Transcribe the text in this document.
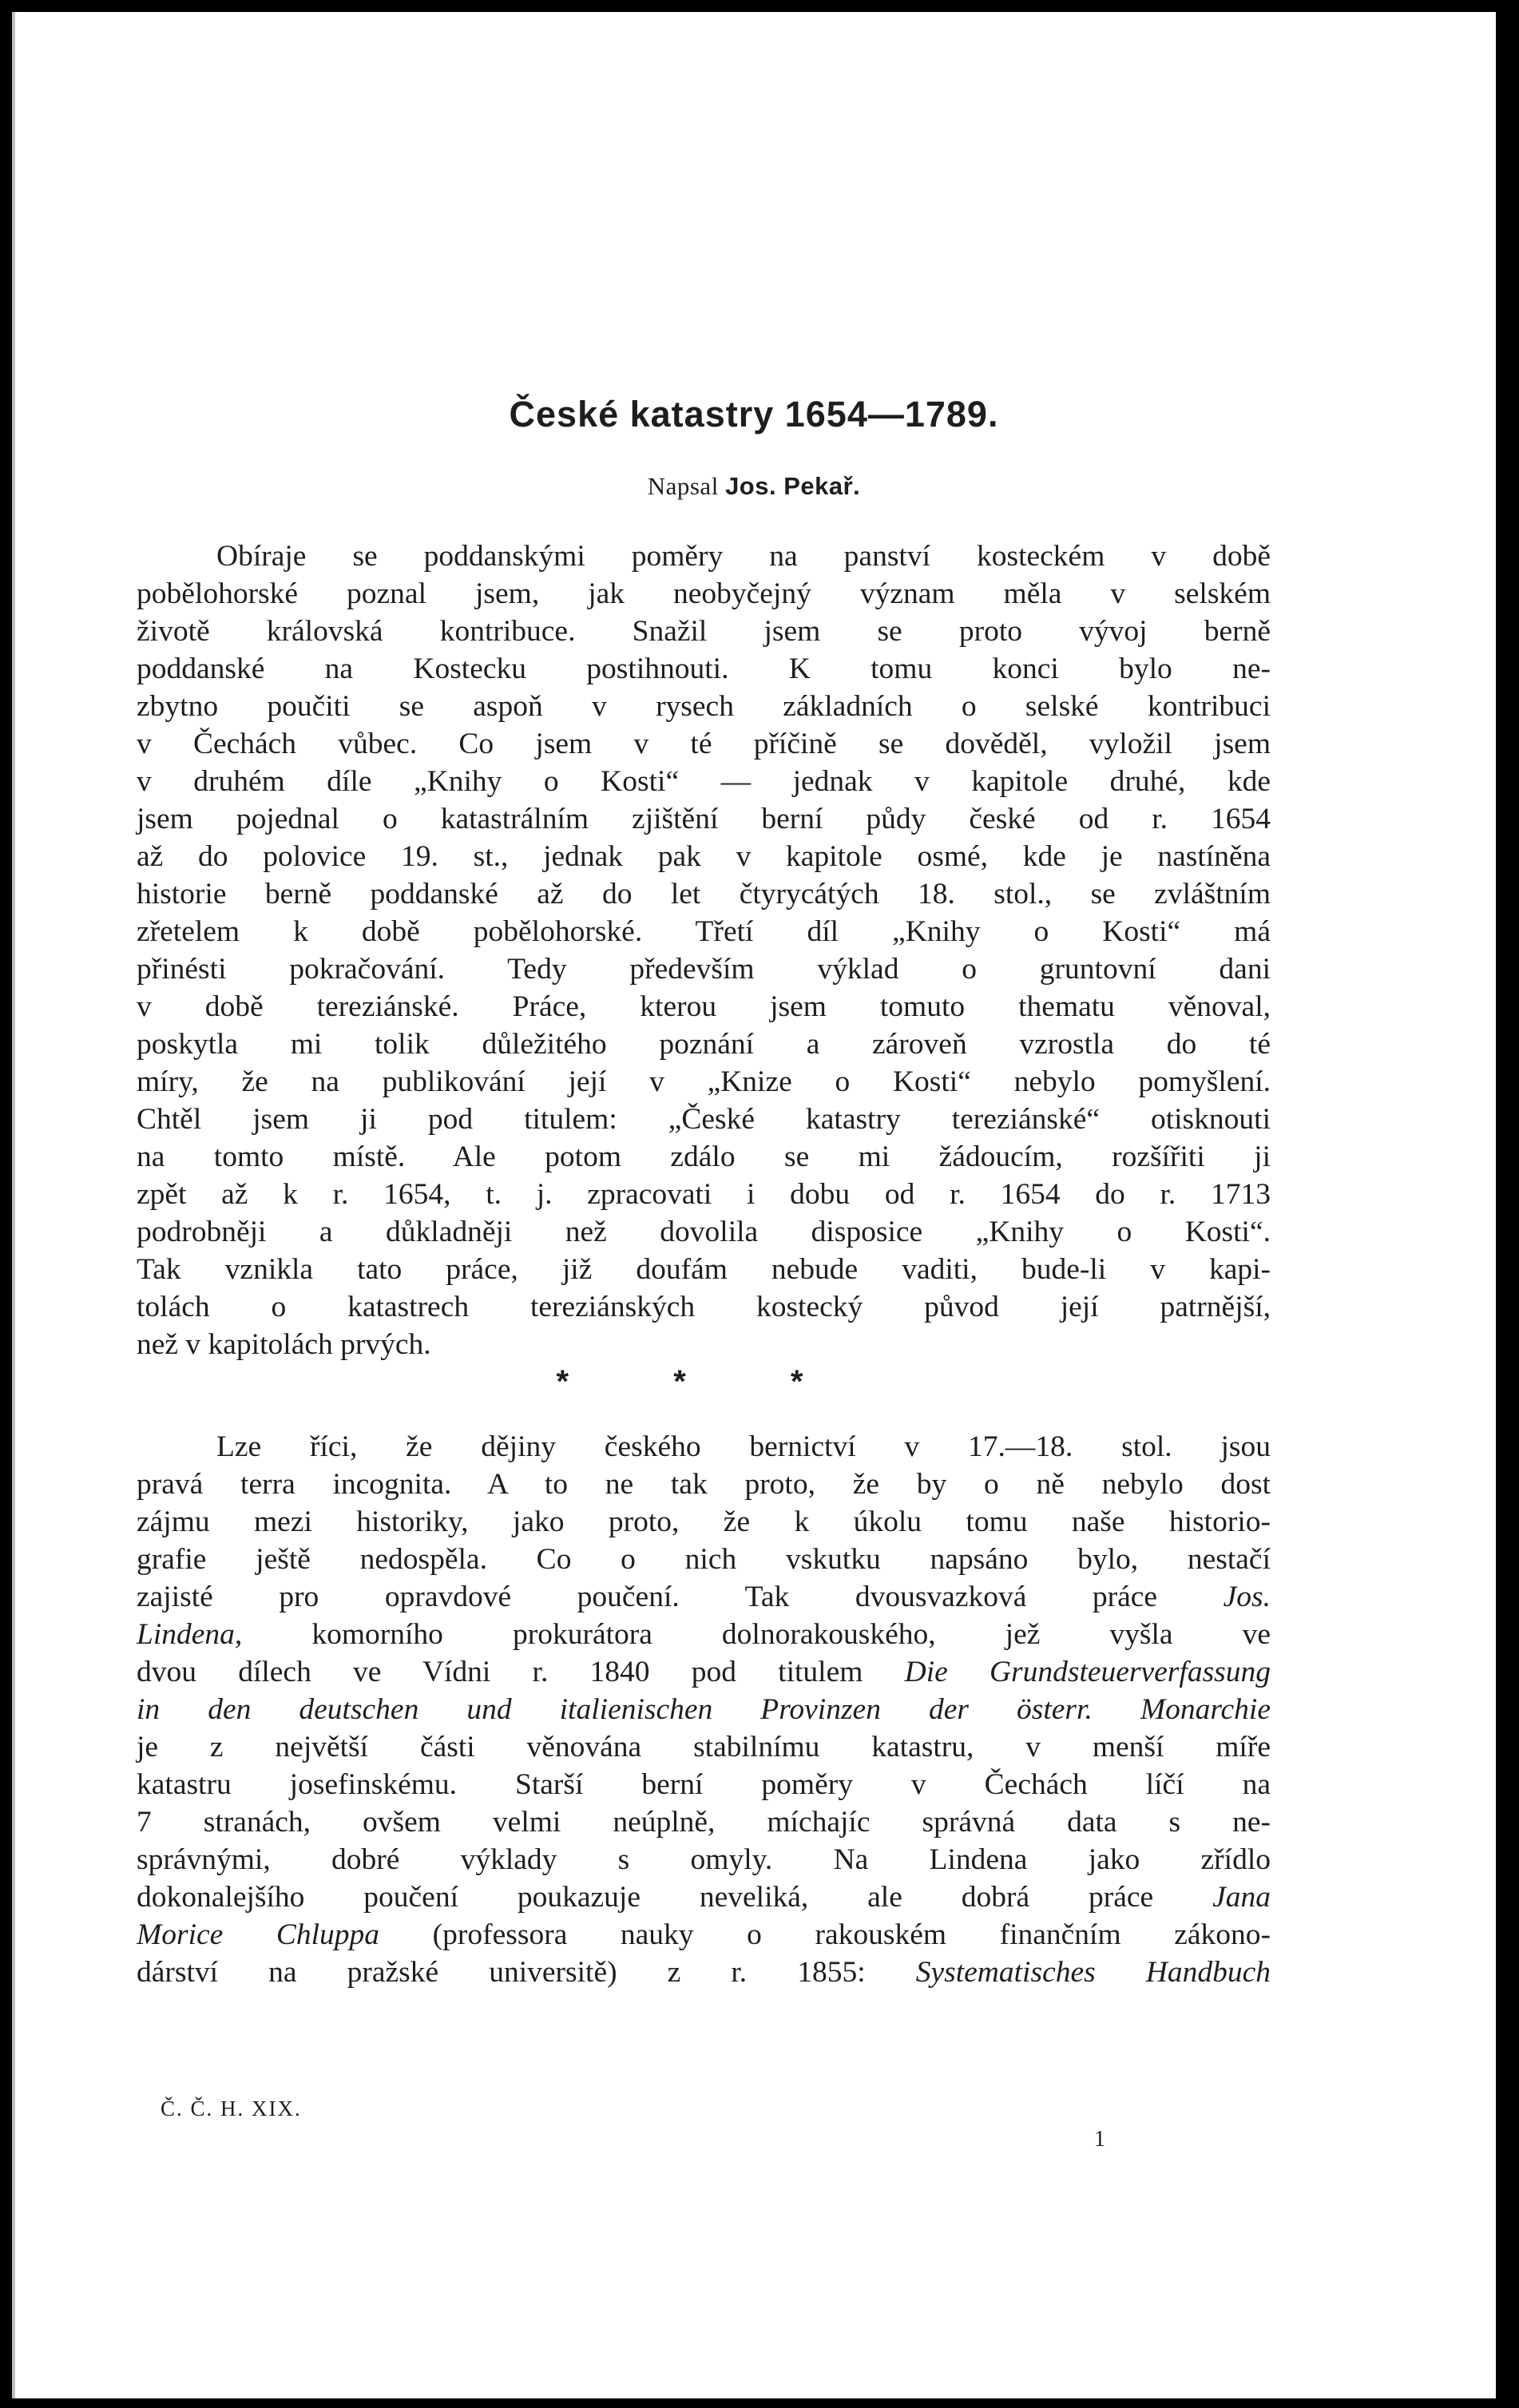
České katastry 1654—1789.
Napsal Jos. Pekař.
Obíraje se poddanskými poměry na panství kosteckém v době
pobělohorské poznal jsem, jak neobyčejný význam měla v selském
životě královská kontribuce. Snažil jsem se proto vývoj berně
poddanské na Kostecku postihnouti. K tomu konci bylo ne-
zbytno poučiti se aspoň v rysech základních o selské kontribuci
v Čechách vůbec. Co jsem v té příčině se dověděl, vyložil jsem
v druhém díle „Knihy o Kosti“ — jednak v kapitole druhé, kde
jsem pojednal o katastrálním zjištění berní půdy české od r. 1654
až do polovice 19. st., jednak pak v kapitole osmé, kde je nastíněna
historie berně poddanské až do let čtyrycátých 18. stol., se zvláštním
zřetelem k době pobělohorské. Třetí díl „Knihy o Kosti“ má
přinésti pokračování. Tedy především výklad o gruntovní dani
v době tereziánské. Práce, kterou jsem tomuto thematu věnoval,
poskytla mi tolik důležitého poznání a zároveň vzrostla do té
míry, že na publikování její v „Knize o Kosti“ nebylo pomyšlení.
Chtěl jsem ji pod titulem: „České katastry tereziánské“ otisknouti
na tomto místě. Ale potom zdálo se mi žádoucím, rozšířiti ji
zpět až k r. 1654, t. j. zpracovati i dobu od r. 1654 do r. 1713
podrobněji a důkladněji než dovolila disposice „Knihy o Kosti“.
Tak vznikla tato práce, již doufám nebude vaditi, bude-li v kapi-
tolách o katastrech tereziánských kostecký původ její patrnější,
než v kapitolách prvých.
* * *
Lze říci, že dějiny českého bernictví v 17.—18. stol. jsou
pravá terra incognita. A to ne tak proto, že by o ně nebylo dost
zájmu mezi historiky, jako proto, že k úkolu tomu naše historio-
grafie ještě nedospěla. Co o nich vskutku napsáno bylo, nestačí
zajisté pro opravdové poučení. Tak dvousvazková práce Jos.
Lindena, komorního prokurátora dolnorakouského, jež vyšla ve
dvou dílech ve Vídni r. 1840 pod titulem Die Grundsteuerverfassung
in den deutschen und italienischen Provinzen der österr. Monarchie
je z největší části věnována stabilnímu katastru, v menší míře
katastru josefinskému. Starší berní poměry v Čechách líčí na
7 stranách, ovšem velmi neúplně, míchajíc správná data s ne-
správnými, dobré výklady s omyly. Na Lindena jako zřídlo
dokonalejšího poučení poukazuje neveliká, ale dobrá práce Jana
Morice Chluppa (professora nauky o rakouském finančním zákono-
dárství na pražské universitě) z r. 1855: Systematisches Handbuch
Č. Č. H. XIX.
1
